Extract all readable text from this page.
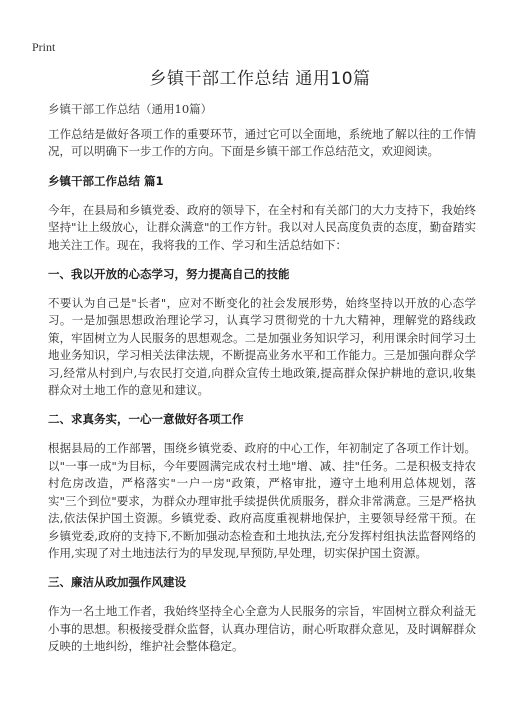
Print
乡镇干部工作总结 通用10篇

乡镇干部工作总结（通用10篇）

工作总结是做好各项工作的重要环节，通过它可以全面地，系统地了解以往的工作情况，可以明确下一步工作的方向。下面是乡镇干部工作总结范文，欢迎阅读。

乡镇干部工作总结 篇1

今年，在县局和乡镇党委、政府的领导下，在全村和有关部门的大力支持下，我始终坚持"让上级放心，让群众满意"的工作方针。我以对人民高度负责的态度，勤奋踏实地关注工作。现在，我将我的工作、学习和生活总结如下：

一、我以开放的心态学习，努力提高自己的技能

不要认为自己是"长者"，应对不断变化的社会发展形势，始终坚持以开放的心态学习。一是加强思想政治理论学习，认真学习贯彻党的十九大精神，理解党的路线政策，牢固树立为人民服务的思想观念。二是加强业务知识学习，利用课余时间学习土地业务知识，学习相关法律法规，不断提高业务水平和工作能力。三是加强向群众学习,经常从村到户,与农民打交道,向群众宣传土地政策,提高群众保护耕地的意识,收集群众对土地工作的意见和建议。

二、求真务实，一心一意做好各项工作

根据县局的工作部署，围绕乡镇党委、政府的中心工作，年初制定了各项工作计划。以"一事一成"为目标，今年要圆满完成农村土地"增、减、挂"任务。二是积极支持农村危房改造，严格落实"一户一房"政策，严格审批，遵守土地利用总体规划，落实"三个到位"要求，为群众办理审批手续提供优质服务，群众非常满意。三是严格执法,依法保护国土资源。乡镇党委、政府高度重视耕地保护，主要领导经常干预。在乡镇党委,政府的支持下,不断加强动态检查和土地执法,充分发挥村组执法监督网络的作用,实现了对土地违法行为的早发现,早预防,早处理，切实保护国土资源。

三、廉洁从政加强作风建设

作为一名土地工作者，我始终坚持全心全意为人民服务的宗旨，牢固树立群众利益无小事的思想。积极接受群众监督，认真办理信访，耐心听取群众意见，及时调解群众反映的土地纠纷，维护社会整体稳定。
